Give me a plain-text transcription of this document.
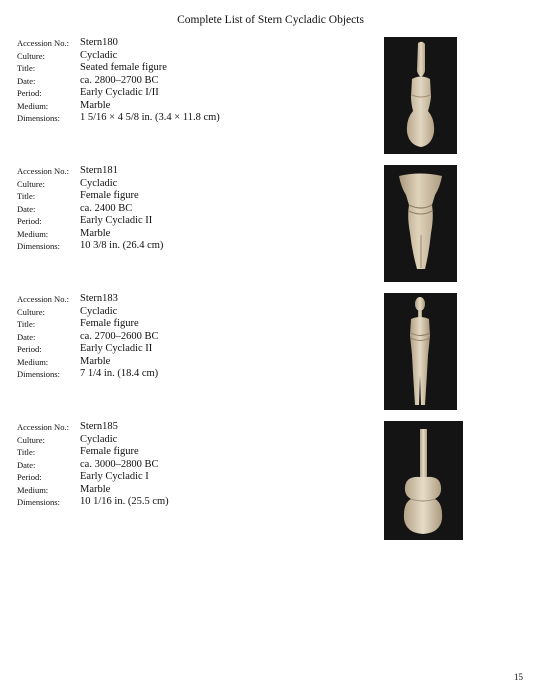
Complete List of Stern Cycladic Objects
Accession No.: Stern180
Culture:	Cycladic
Title:	Seated female figure
Date:	ca. 2800–2700 BC
Period:	Early Cycladic I/II
Medium:	Marble
Dimensions: 1 5/16 × 4 5/8 in. (3.4 × 11.8 cm)
Accession No.: Stern181
Culture:	Cycladic
Title:	Female figure
Date:	ca. 2400 BC
Period:	Early Cycladic II
Medium:	Marble
Dimensions: 10 3/8 in. (26.4 cm)
Accession No.: Stern183
Culture:	Cycladic
Title:	Female figure
Date:	ca. 2700–2600 BC
Period:	Early Cycladic II
Medium:	Marble
Dimensions: 7 1/4 in. (18.4 cm)
Accession No.: Stern185
Culture:	Cycladic
Title:	Female figure
Date:	ca. 3000–2800 BC
Period:	Early Cycladic I
Medium:	Marble
Dimensions: 10 1/16 in. (25.5 cm)
15
